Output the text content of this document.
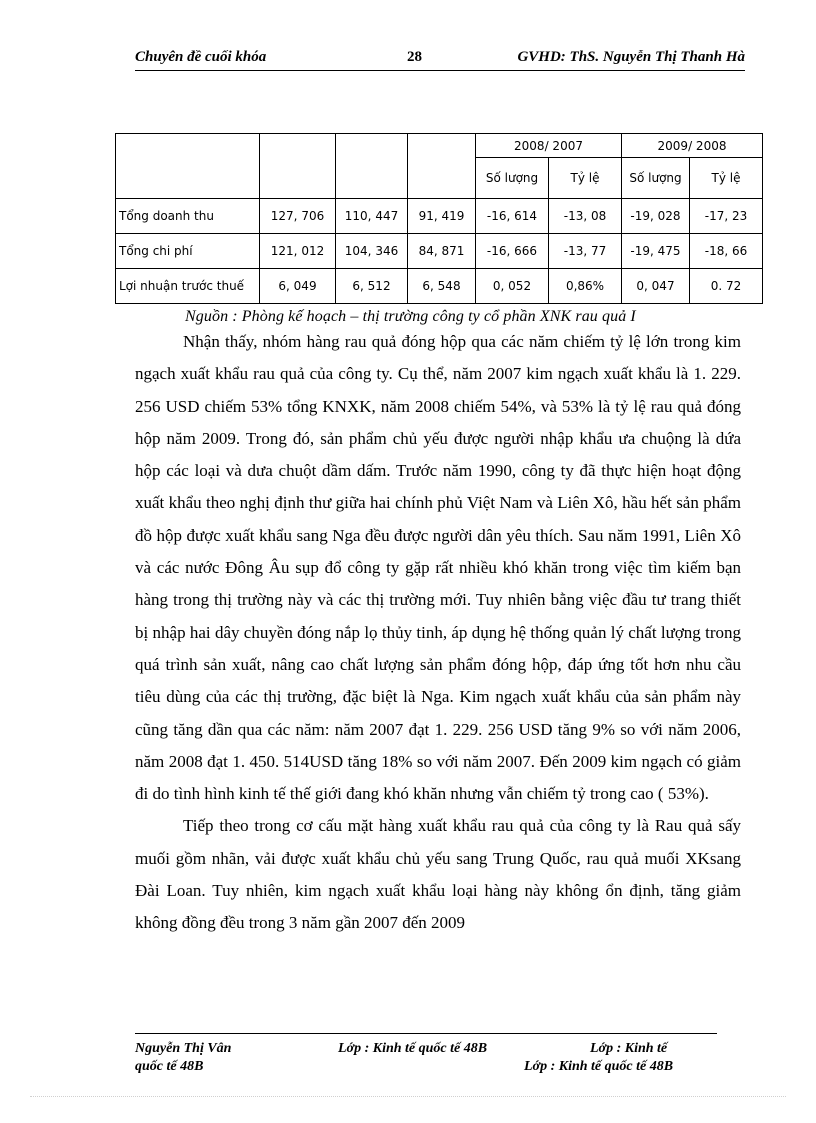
Chuyên đề cuối khóa	28	GVHD: ThS. Nguyễn Thị Thanh Hà
				2008/ 2007		2009/ 2008	
				Số lượng	Tỷ lệ	Số lượng	Tỷ lệ
Tổng doanh thu	127, 706	110, 447	91, 419	-16, 614	-13, 08	-19, 028	-17, 23
Tổng chi phí	121, 012	104, 346	84, 871	-16, 666	-13, 77	-19, 475	-18, 66
Lợi nhuận trước thuế	6, 049	6, 512	6, 548	0, 052	0,86%	0, 047	0. 72
Nguồn : Phòng kế hoạch – thị trường công ty cổ phần XNK rau quả I

Nhận thấy, nhóm hàng rau quả đóng hộp qua các năm chiếm tỷ lệ lớn trong kim ngạch xuất khẩu rau quả của công ty. Cụ thể, năm 2007 kim ngạch xuất khẩu là 1. 229. 256 USD chiếm 53% tổng KNXK, năm 2008 chiếm 54%, và 53% là tỷ lệ rau quả đóng hộp năm 2009. Trong đó, sản phẩm chủ yếu được người nhập khẩu ưa chuộng là dứa hộp các loại và dưa chuột dầm dấm. Trước năm 1990, công ty đã thực hiện hoạt động xuất khẩu theo nghị định thư giữa hai chính phủ Việt Nam và Liên Xô, hầu hết sản phẩm đồ hộp được xuất khẩu sang Nga đều được người dân yêu thích. Sau năm 1991, Liên Xô và các nước Đông Âu sụp đổ công ty gặp rất nhiều khó khăn trong việc tìm kiếm bạn hàng trong thị trường này và các thị trường mới. Tuy nhiên bằng việc đầu tư trang thiết bị nhập hai dây chuyền đóng nắp lọ thủy tinh, áp dụng hệ thống quản lý chất lượng trong quá trình sản xuất, nâng cao chất lượng sản phẩm đóng hộp, đáp ứng tốt hơn nhu cầu tiêu dùng của các thị trường, đặc biệt là Nga. Kim ngạch xuất khẩu của sản phẩm này cũng tăng dần qua các năm: năm 2007 đạt 1. 229. 256 USD tăng 9% so với năm 2006, năm 2008 đạt 1. 450. 514USD tăng 18% so với năm 2007. Đến 2009 kim ngạch có giảm đi do tình hình kinh tế thế giới đang khó khăn nhưng vẫn chiếm tỷ trong cao ( 53%).

Tiếp theo trong cơ cấu mặt hàng xuất khẩu rau quả của công ty là Rau quả sấy muối gồm nhãn, vải được xuất khẩu chủ yếu sang Trung Quốc, rau quả muối XKsang Đài Loan. Tuy nhiên, kim ngạch xuất khẩu loại hàng này không ổn định, tăng giảm không đồng đều trong 3 năm gần 2007 đến 2009

Nguyễn Thị Vân	Lớp : Kinh tế quốc tế 48B	Lớp : Kinh tế
quốc tế 48B	Lớp : Kinh tế quốc tế 48B
